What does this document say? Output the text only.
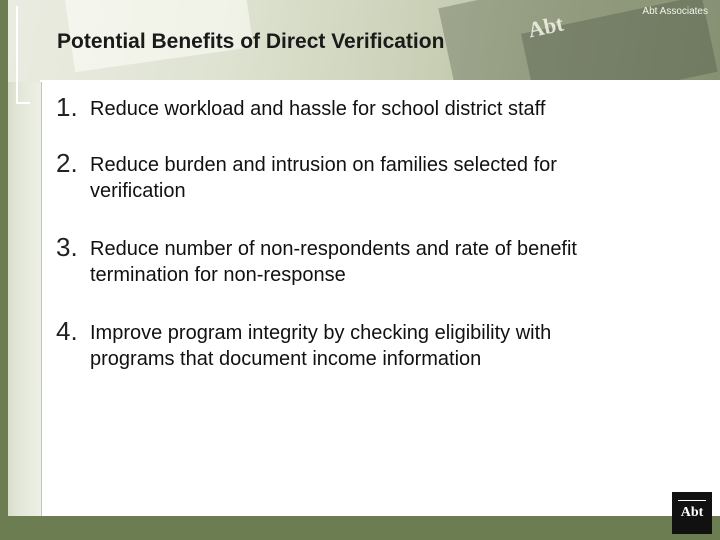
Abt	Abt Associates
Potential Benefits of Direct Verification
1. Reduce workload and hassle for school district staff
2. Reduce burden and intrusion on families selected for
verification
3. Reduce number of non-respondents and rate of benefit
termination for non-response
4. Improve program integrity by checking eligibility with
programs that document income information
Abt
